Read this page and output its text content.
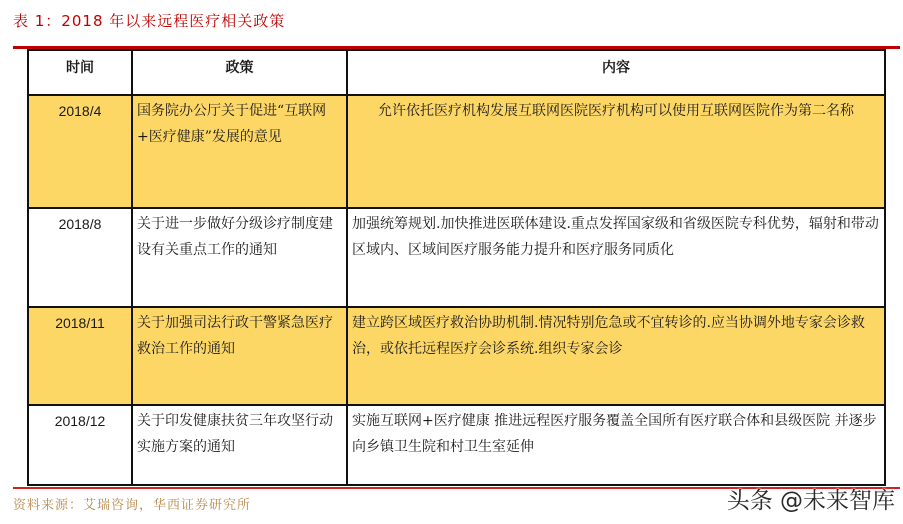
表 1：2018 年以来远程医疗相关政策
时间	政策	内容
2018/4	国务院办公厅关于促进“互联网+医疗健康”发展的意见	允许依托医疗机构发展互联网医院医疗机构可以使用互联网医院作为第二名称
2018/8	关于进一步做好分级诊疗制度建设有关重点工作的通知	加强统筹规划.加快推进医联体建设.重点发挥国家级和省级医院专科优势，辐射和带动区域内、区域间医疗服务能力提升和医疗服务同质化
2018/11	关于加强司法行政干警紧急医疗救治工作的通知	建立跨区域医疗救治协助机制.情况特别危急或不宜转诊的.应当协调外地专家会诊救治，或依托远程医疗会诊系统.组织专家会诊
2018/12	关于印发健康扶贫三年攻坚行动实施方案的通知	实施互联网+医疗健康 推进远程医疗服务覆盖全国所有医疗联合体和县级医院 并逐步向乡镇卫生院和村卫生室延伸
资料来源：艾瑞咨询，华西证券研究所	头条 @未来智库
